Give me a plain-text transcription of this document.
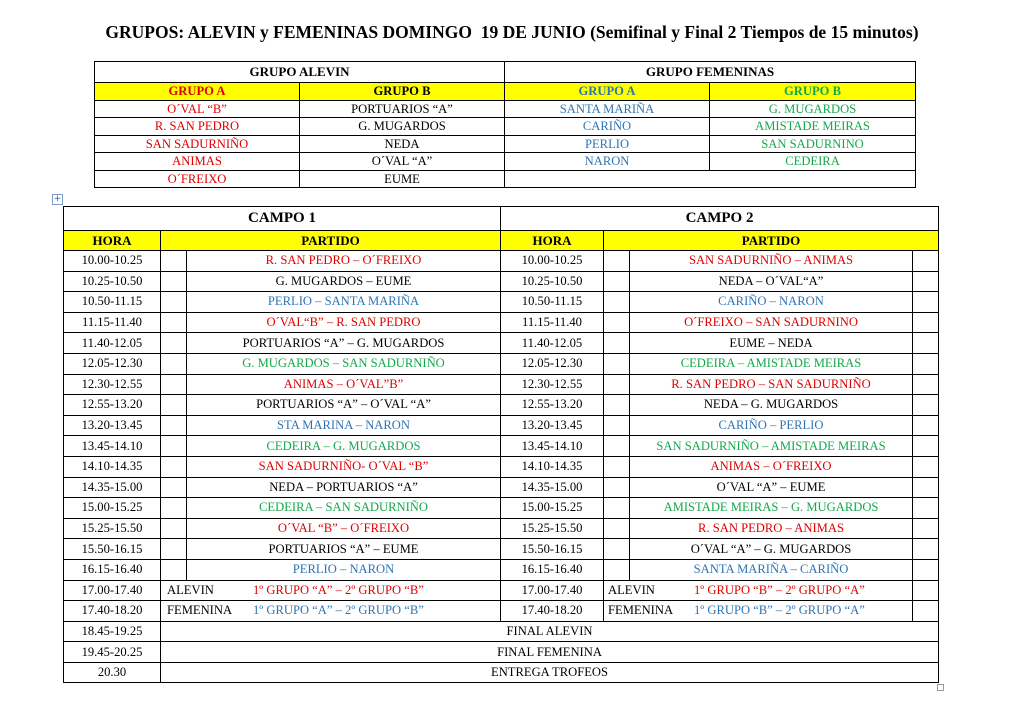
GRUPOS: ALEVIN y FEMENINAS DOMINGO  19 DE JUNIO (Semifinal y Final 2 Tiempos de 15 minutos)
GRUPO ALEVIN		GRUPO FEMENINAS	
GRUPO A	GRUPO B	GRUPO A	GRUPO B
O´VAL “B”	PORTUARIOS “A”	SANTA MARIÑA	G. MUGARDOS
R. SAN PEDRO	G. MUGARDOS	CARIÑO	AMISTADE MEIRAS
SAN SADURNIÑO	NEDA	PERLIO	SAN SADURNINO
ANIMAS	O´VAL “A”	NARON	CEDEIRA
O´FREIXO	EUME		
+
CAMPO 1			CAMPO 2			
HORA	PARTIDO		HORA	PARTIDO		
10.00-10.25		R. SAN PEDRO – O´FREIXO	10.00-10.25		SAN SADURNIÑO – ANIMAS	
10.25-10.50		G. MUGARDOS – EUME	10.25-10.50		NEDA – O´VAL“A”	
10.50-11.15		PERLIO – SANTA MARIÑA	10.50-11.15		CARIÑO – NARON	
11.15-11.40		O´VAL“B” – R. SAN PEDRO	11.15-11.40		O´FREIXO – SAN SADURNINO	
11.40-12.05		PORTUARIOS “A” – G. MUGARDOS	11.40-12.05		EUME – NEDA	
12.05-12.30		G. MUGARDOS – SAN SADURNIÑO	12.05-12.30		CEDEIRA – AMISTADE MEIRAS	
12.30-12.55		ANIMAS – O´VAL”B”	12.30-12.55		R. SAN PEDRO – SAN SADURNIÑO	
12.55-13.20		PORTUARIOS “A” – O´VAL “A”	12.55-13.20		NEDA – G. MUGARDOS	
13.20-13.45		STA MARINA – NARON	13.20-13.45		CARIÑO – PERLIO	
13.45-14.10		CEDEIRA – G. MUGARDOS	13.45-14.10		SAN SADURNIÑO – AMISTADE MEIRAS	
14.10-14.35		SAN SADURNIÑO- O´VAL “B”	14.10-14.35		ANIMAS – O´FREIXO	
14.35-15.00		NEDA – PORTUARIOS “A”	14.35-15.00		O´VAL “A” – EUME	
15.00-15.25		CEDEIRA – SAN SADURNIÑO	15.00-15.25		AMISTADE MEIRAS – G. MUGARDOS	
15.25-15.50		O´VAL “B” – O´FREIXO	15.25-15.50		R. SAN PEDRO – ANIMAS	
15.50-16.15		PORTUARIOS “A” – EUME	15.50-16.15		O´VAL “A” – G. MUGARDOS	
16.15-16.40		PERLIO – NARON	16.15-16.40		SANTA MARIÑA – CARIÑO	
17.00-17.40	ALEVIN 1º GRUPO “A” – 2º GRUPO “B”		17.00-17.40	ALEVIN 1º GRUPO “B” – 2º GRUPO “A”		
17.40-18.20	FEMENINA 1º GRUPO “A” – 2º GRUPO “B”		17.40-18.20	FEMENINA 1º GRUPO “B” – 2º GRUPO “A”		
18.45-19.25	FINAL ALEVIN					
19.45-20.25	FINAL FEMENINA					
20.30	ENTREGA TROFEOS					
